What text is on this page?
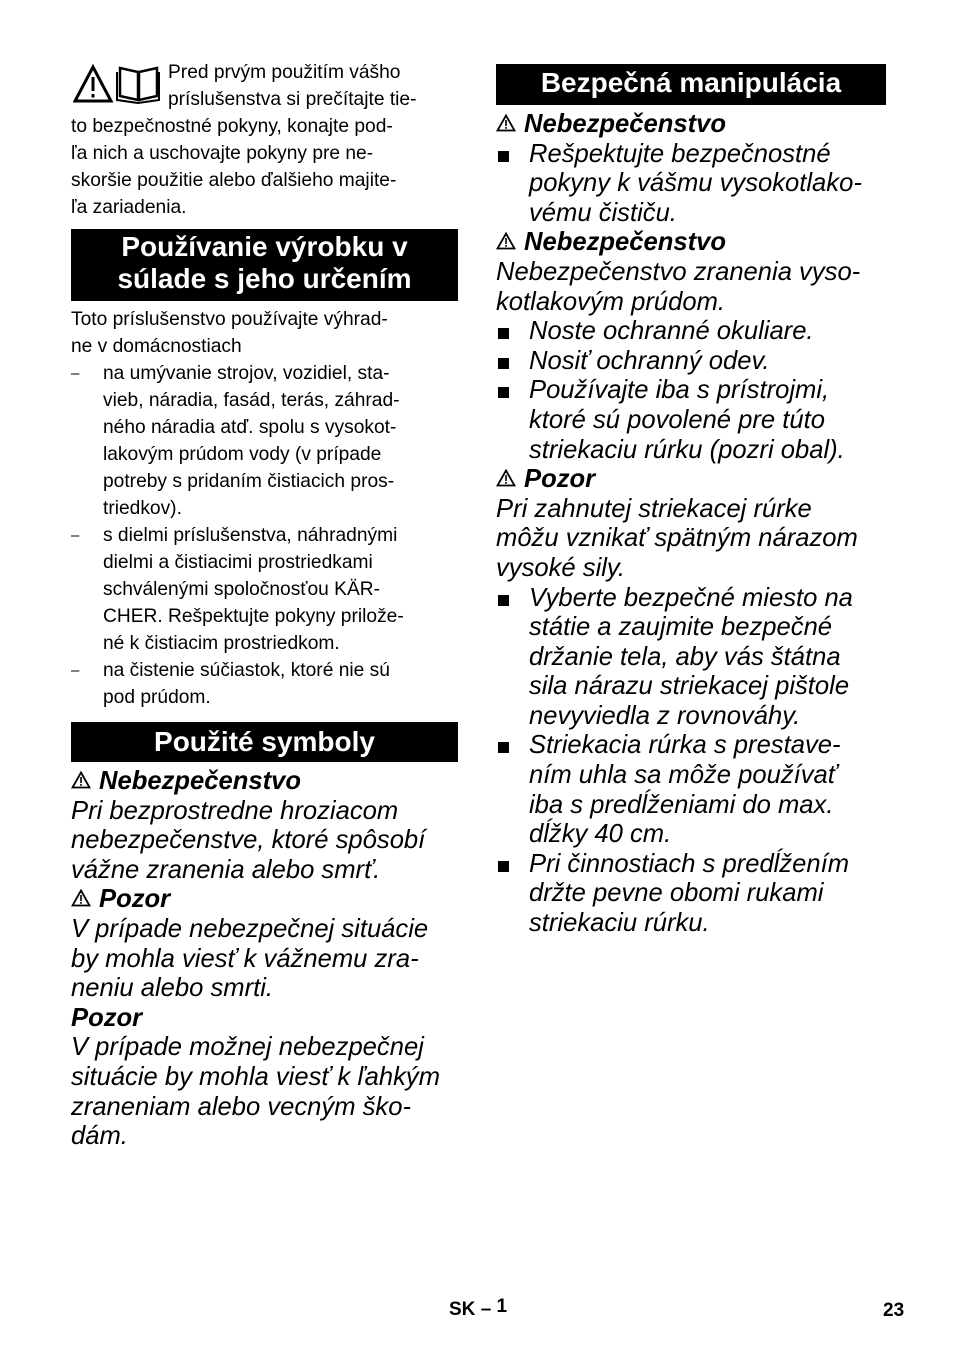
Pred prvým použitím vášho
príslušenstva si prečítajte tie-
to bezpečnostné pokyny, konajte pod-
ľa nich a uschovajte pokyny pre ne-
skoršie použitie alebo ďalšieho majite-
ľa zariadenia.
Používanie výrobku v
súlade s jeho určením
Toto príslušenstvo používajte výhrad-
ne v domácnostiach
– na umývanie strojov, vozidiel, sta-
vieb, náradia, fasád, terás, záhrad-
ného náradia atď. spolu s vysokot-
lakovým prúdom vody (v prípade
potreby s pridaním čistiacich pros-
triedkov).
– s dielmi príslušenstva, náhradnými
dielmi a čistiacimi prostriedkami
schválenými spoločnosťou KÄR-
CHER. Rešpektujte pokyny prilože-
né k čistiacim prostriedkom.
– na čistenie súčiastok, ktoré nie sú
pod prúdom.
Použité symboly
Nebezpečenstvo
Pri bezprostredne hroziacom
nebezpečenstve, ktoré spôsobí
vážne zranenia alebo smrť.
Pozor
V prípade nebezpečnej situácie
by mohla viesť k vážnemu zra-
neniu alebo smrti.
Pozor
V prípade možnej nebezpečnej
situácie by mohla viesť k ľahkým
zraneniam alebo vecným ško-
dám.
Bezpečná manipulácia
Nebezpečenstvo
Rešpektujte bezpečnostné
pokyny k vášmu vysokotlako-
vému čističu.
Nebezpečenstvo
Nebezpečenstvo zranenia vyso-
kotlakovým prúdom.
Noste ochranné okuliare.
Nosiť ochranný odev.
Používajte iba s prístrojmi,
ktoré sú povolené pre túto
striekaciu rúrku (pozri obal).
Pozor
Pri zahnutej striekacej rúrke
môžu vznikať spätným nárazom
vysoké sily.
Vyberte bezpečné miesto na
státie a zaujmite bezpečné
držanie tela, aby vás štátna
sila nárazu striekacej pištole
nevyviedla z rovnováhy.
Striekacia rúrka s prestave-
ním uhla sa môže používať
iba s predĺženiami do max.
dĺžky 40 cm.
Pri činnostiach s predĺžením
držte pevne obomi rukami
striekaciu rúrku.
SK – 1	23
